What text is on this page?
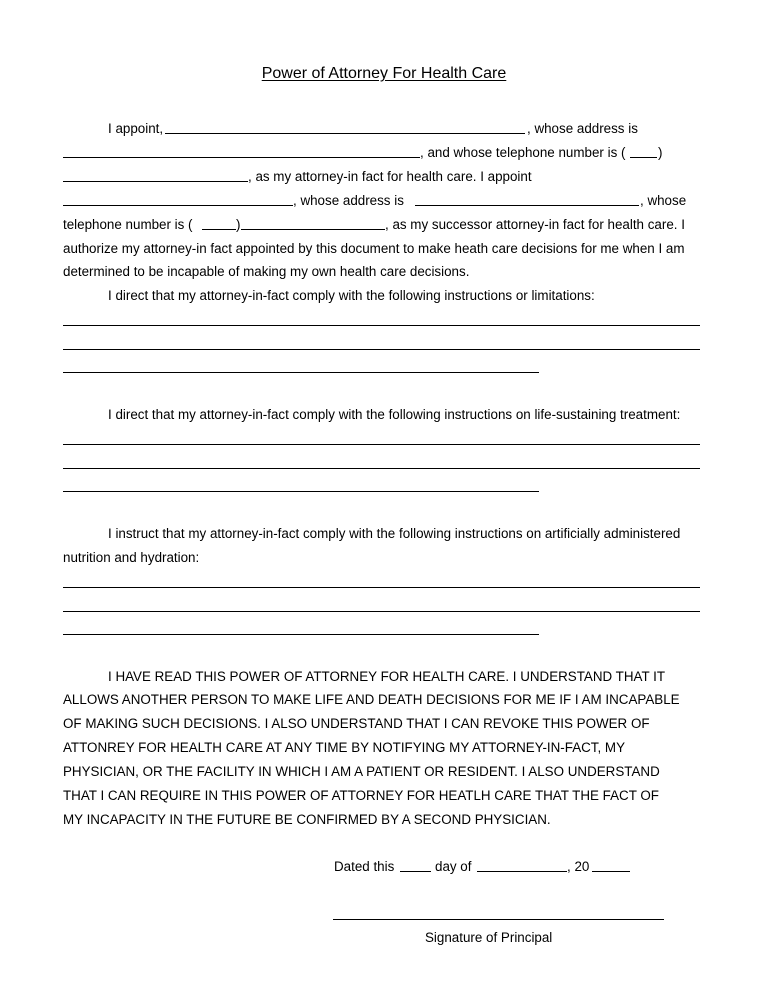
Power of Attorney For Health Care
I appoint,	, whose address is
, and whose telephone number is ( )
, as my attorney-in fact for health care. I appoint
, whose address is	, whose
telephone number is (	)	, as my successor attorney-in fact for health care. I
authorize my attorney-in fact appointed by this document to make heath care decisions for me when I am
determined to be incapable of making my own health care decisions.
I direct that my attorney-in-fact comply with the following instructions or limitations:
I direct that my attorney-in-fact comply with the following instructions on life-sustaining treatment:
I instruct that my attorney-in-fact comply with the following instructions on artificially administered
nutrition and hydration:
I HAVE READ THIS POWER OF ATTORNEY FOR HEALTH CARE. I UNDERSTAND THAT IT
ALLOWS ANOTHER PERSON TO MAKE LIFE AND DEATH DECISIONS FOR ME IF I AM INCAPABLE
OF MAKING SUCH DECISIONS. I ALSO UNDERSTAND THAT I CAN REVOKE THIS POWER OF
ATTONREY FOR HEALTH CARE AT ANY TIME BY NOTIFYING MY ATTORNEY-IN-FACT, MY
PHYSICIAN, OR THE FACILITY IN WHICH I AM A PATIENT OR RESIDENT. I ALSO UNDERSTAND
THAT I CAN REQUIRE IN THIS POWER OF ATTORNEY FOR HEATLH CARE THAT THE FACT OF
MY INCAPACITY IN THE FUTURE BE CONFIRMED BY A SECOND PHYSICIAN.
Dated this	day of	, 20
Signature of Principal
